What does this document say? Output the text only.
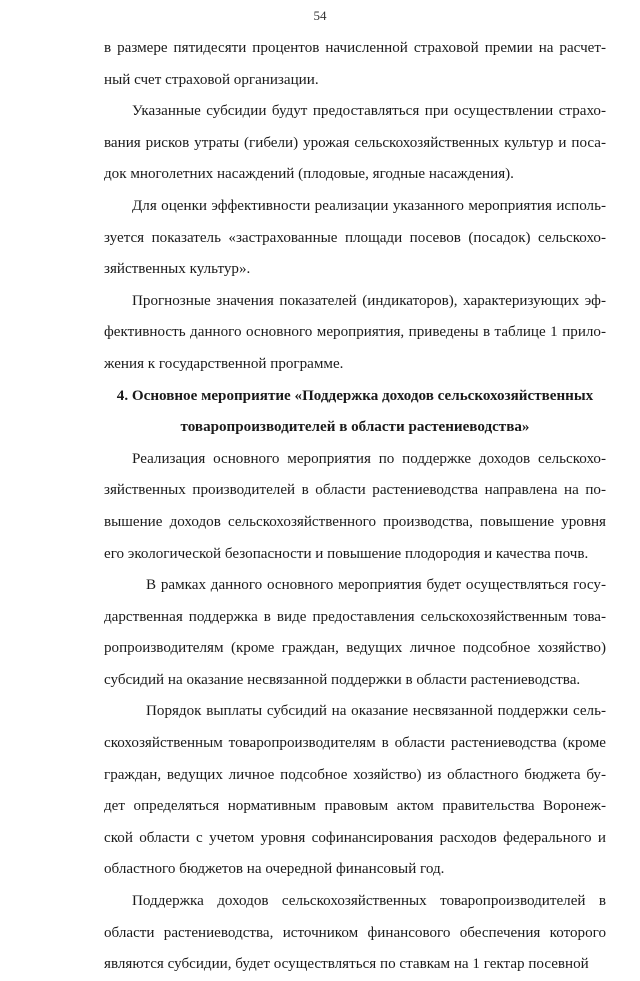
54

в размере пятидесяти процентов начисленной страховой премии на расчет-ный счет страховой организации.

Указанные субсидии будут предоставляться при осуществлении страхо-вания рисков утраты (гибели) урожая сельскохозяйственных культур и поса-док многолетних насаждений (плодовые, ягодные насаждения).

Для оценки эффективности реализации указанного мероприятия исполь-зуется показатель «застрахованные площади посевов (посадок) сельскохо-зяйственных культур».

Прогнозные значения показателей (индикаторов), характеризующих эф-фективность данного основного мероприятия, приведены в таблице 1 прило-жения к государственной программе.

4. Основное мероприятие «Поддержка доходов сельскохозяйственных
товаропроизводителей в области растениеводства»

Реализация основного мероприятия по поддержке доходов сельскохо-зяйственных производителей в области растениеводства направлена на по-вышение доходов сельскохозяйственного производства, повышение уровня его экологической безопасности и повышение плодородия и качества почв.

В рамках данного основного мероприятия будет осуществляться госу-дарственная поддержка в виде предоставления сельскохозяйственным това-ропроизводителям (кроме граждан, ведущих личное подсобное хозяйство) субсидий на оказание несвязанной поддержки в области растениеводства.

Порядок выплаты субсидий на оказание несвязанной поддержки сель-скохозяйственным товаропроизводителям в области растениеводства (кроме граждан, ведущих личное подсобное хозяйство) из областного бюджета бу-дет определяться нормативным правовым актом правительства Воронеж-ской области с учетом уровня софинансирования расходов федерального и областного бюджетов на очередной финансовый год.

Поддержка доходов сельскохозяйственных товаропроизводителей в области растениеводства, источником финансового обеспечения которого являются субсидии, будет осуществляться по ставкам на 1 гектар посевной
